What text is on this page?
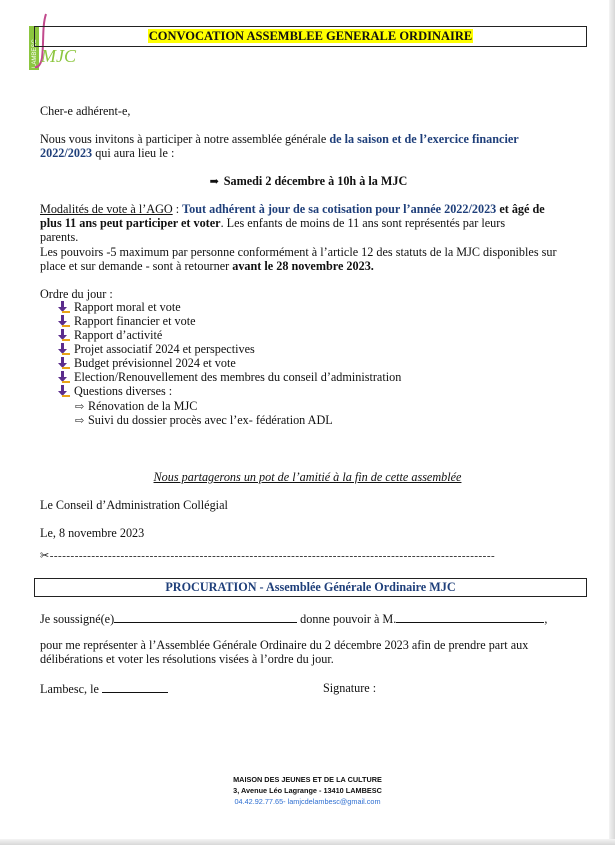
LAMBESC MJC
CONVOCATION ASSEMBLEE GENERALE ORDINAIRE
Cher-e adhérent-e,
Nous vous invitons à participer à notre assemblée générale de la saison et de l’exercice financier
2022/2023 qui aura lieu le :
➡ Samedi 2 décembre à 10h à la MJC
Modalités de vote à l’AGO : Tout adhérent à jour de sa cotisation pour l’année 2022/2023 et âgé de
plus 11 ans peut participer et voter. Les enfants de moins de 11 ans sont représentés par leurs
parents.
Les pouvoirs -5 maximum par personne conformément à l’article 12 des statuts de la MJC disponibles sur
place et sur demande - sont à retourner avant le 28 novembre 2023.
Ordre du jour :
Rapport moral et vote
Rapport financier et vote
Rapport d’activité
Projet associatif 2024 et perspectives
Budget prévisionnel 2024 et vote
Election/Renouvellement des membres du conseil d’administration
Questions diverses :
⇨ Rénovation de la MJC
⇨ Suivi du dossier procès avec l’ex- fédération ADL
Nous partagerons un pot de l’amitié à la fin de cette assemblée
Le Conseil d’Administration Collégial
Le, 8 novembre 2023
✂-----------------------------------------------------------------------------------------------------------
PROCURATION - Assemblée Générale Ordinaire MJC
Je soussigné(e)	donne pouvoir à M.	,
pour me représenter à l’Assemblée Générale Ordinaire du 2 décembre 2023 afin de prendre part aux
délibérations et voter les résolutions visées à l’ordre du jour.
Lambesc, le	Signature :
MAISON DES JEUNES ET DE LA CULTURE
3, Avenue Léo Lagrange - 13410 LAMBESC
04.42.92.77.65- lamjcdelambesc@gmail.com
